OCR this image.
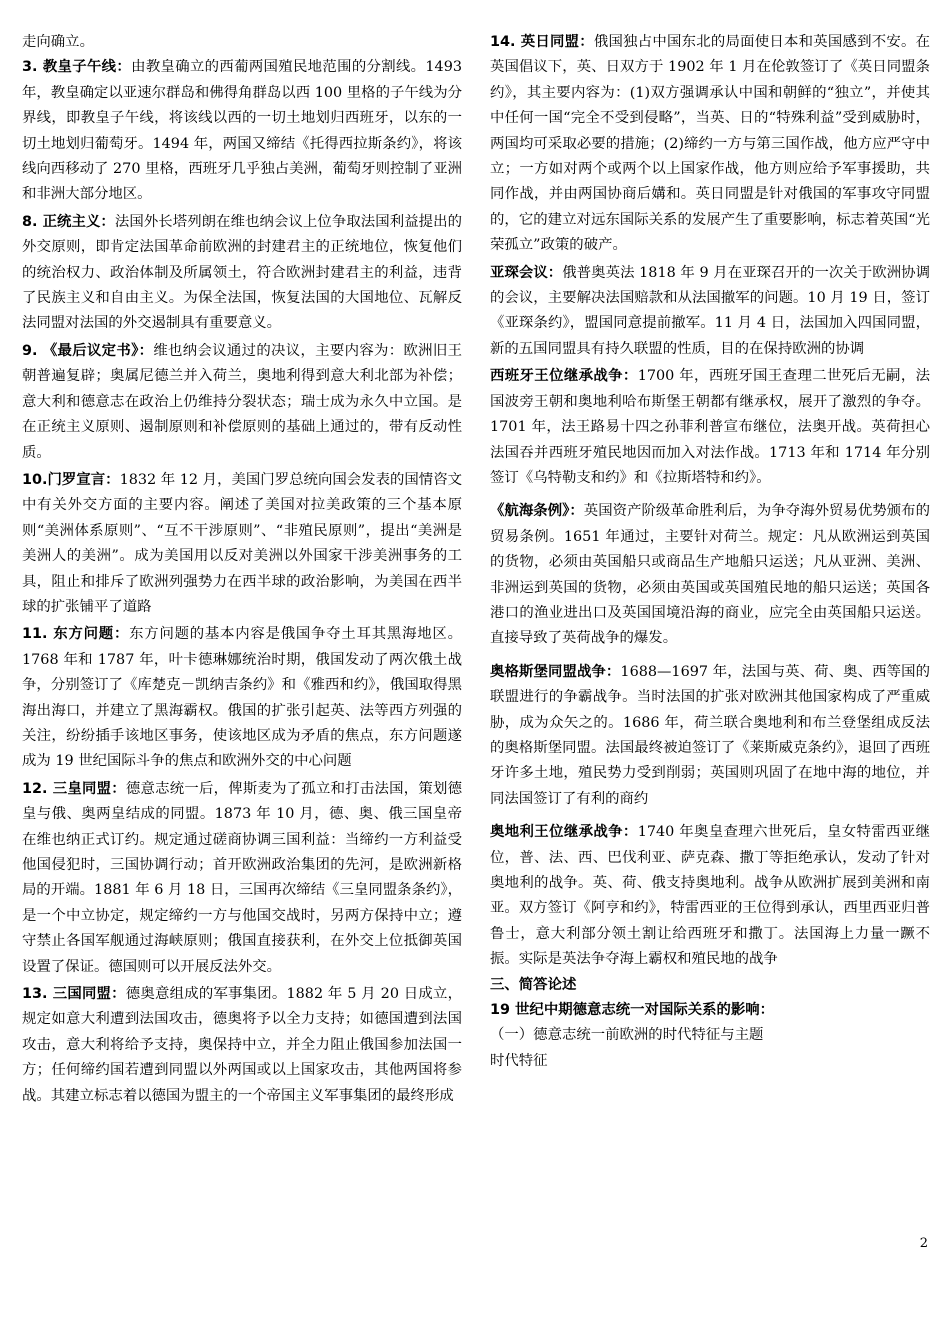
走向确立。

3. 教皇子午线：由教皇确立的西葡两国殖民地范围的分割线。1493 年，教皇确定以亚速尔群岛和佛得角群岛以西 100 里格的子午线为分界线，即教皇子午线，将该线以西的一切土地划归西班牙，以东的一切土地划归葡萄牙。1494 年，两国又缔结《托得西拉斯条约》，将该线向西移动了 270 里格，西班牙几乎独占美洲，葡萄牙则控制了亚洲和非洲大部分地区。

8. 正统主义：法国外长塔列朗在维也纳会议上位争取法国利益提出的外交原则，即肯定法国革命前欧洲的封建君主的正统地位，恢复他们的统治权力、政治体制及所属领土，符合欧洲封建君主的利益，违背了民族主义和自由主义。为保全法国，恢复法国的大国地位、瓦解反法同盟对法国的外交遏制具有重要意义。

9. 《最后议定书》：维也纳会议通过的决议，主要内容为：欧洲旧王朝普遍复辟；奥属尼德兰并入荷兰，奥地利得到意大利北部为补偿；意大利和德意志在政治上仍维持分裂状态；瑞士成为永久中立国。是在正统主义原则、遏制原则和补偿原则的基础上通过的，带有反动性质。

10.门罗宣言：1832 年 12 月，美国门罗总统向国会发表的国情咨文中有关外交方面的主要内容。阐述了美国对拉美政策的三个基本原则“美洲体系原则”、“互不干涉原则”、“非殖民原则”，提出“美洲是美洲人的美洲”。成为美国用以反对美洲以外国家干涉美洲事务的工具，阻止和排斥了欧洲列强势力在西半球的政治影响，为美国在西半球的扩张铺平了道路

11. 东方问题：东方问题的基本内容是俄国争夺土耳其黑海地区。1768 年和 1787 年，叶卡德琳娜统治时期，俄国发动了两次俄土战争，分别签订了《库楚克－凯纳吉条约》和《雅西和约》，俄国取得黑海出海口，并建立了黑海霸权。俄国的扩张引起英、法等西方列强的关注，纷纷插手该地区事务，使该地区成为矛盾的焦点，东方问题遂成为 19 世纪国际斗争的焦点和欧洲外交的中心问题

12. 三皇同盟：德意志统一后，俾斯麦为了孤立和打击法国，策划德皇与俄、奥两皇结成的同盟。1873 年 10 月，德、奥、俄三国皇帝在维也纳正式订约。规定通过磋商协调三国利益：当缔约一方利益受他国侵犯时，三国协调行动；首开欧洲政治集团的先河，是欧洲新格局的开端。1881 年 6 月 18 日，三国再次缔结《三皇同盟条条约》，是一个中立协定，规定缔约一方与他国交战时，另两方保持中立；遵守禁止各国军舰通过海峡原则；俄国直接获利，在外交上位抵御英国设置了保证。德国则可以开展反法外交。

13. 三国同盟：德奥意组成的军事集团。1882 年 5 月 20 日成立，规定如意大利遭到法国攻击，德奥将予以全力支持；如德国遭到法国攻击，意大利将给予支持，奥保持中立，并全力阻止俄国参加法国一方；任何缔约国若遭到同盟以外两国或以上国家攻击，其他两国将参战。其建立标志着以德国为盟主的一个帝国主义军事集团的最终形成

14. 英日同盟：俄国独占中国东北的局面使日本和英国感到不安。在英国倡议下，英、日双方于 1902 年 1 月在伦敦签订了《英日同盟条约》，其主要内容为：(1)双方强调承认中国和朝鲜的“独立”，并使其中任何一国“完全不受到侵略”，当英、日的“特殊利益”受到威胁时，两国均可采取必要的措施；(2)缔约一方与第三国作战，他方应严守中立；一方如对两个或两个以上国家作战，他方则应给予军事援助，共同作战，并由两国协商后媾和。英日同盟是针对俄国的军事攻守同盟的，它的建立对远东国际关系的发展产生了重要影响，标志着英国“光荣孤立”政策的破产。

亚琛会议：俄普奥英法 1818 年 9 月在亚琛召开的一次关于欧洲协调的会议，主要解决法国赔款和从法国撤军的问题。10 月 19 日，签订《亚琛条约》，盟国同意提前撤军。11 月 4 日，法国加入四国同盟，新的五国同盟具有持久联盟的性质，目的在保持欧洲的协调

西班牙王位继承战争：1700 年，西班牙国王查理二世死后无嗣，法国波旁王朝和奥地利哈布斯堡王朝都有继承权，展开了激烈的争夺。1701 年，法王路易十四之孙菲利普宣布继位，法奥开战。英荷担心法国吞并西班牙殖民地因而加入对法作战。1713 年和 1714 年分别签订《乌特勒支和约》和《拉斯塔特和约》。

《航海条例》：英国资产阶级革命胜利后，为争夺海外贸易优势颁布的贸易条例。1651 年通过，主要针对荷兰。规定：凡从欧洲运到英国的货物，必须由英国船只或商品生产地船只运送；凡从亚洲、美洲、非洲运到英国的货物，必须由英国或英国殖民地的船只运送；英国各港口的渔业进出口及英国国境沿海的商业，应完全由英国船只运送。直接导致了英荷战争的爆发。

奥格斯堡同盟战争：1688—1697 年，法国与英、荷、奥、西等国的联盟进行的争霸战争。当时法国的扩张对欧洲其他国家构成了严重威胁，成为众矢之的。1686 年，荷兰联合奥地利和布兰登堡组成反法的奥格斯堡同盟。法国最终被迫签订了《莱斯威克条约》，退回了西班牙许多土地，殖民势力受到削弱；英国则巩固了在地中海的地位，并同法国签订了有利的商约

奥地利王位继承战争：1740 年奥皇查理六世死后，皇女特雷西亚继位，普、法、西、巴伐利亚、萨克森、撒丁等拒绝承认，发动了针对奥地利的战争。英、荷、俄支持奥地利。战争从欧洲扩展到美洲和南亚。双方签订《阿亨和约》，特雷西亚的王位得到承认，西里西亚归普鲁士，意大利部分领土割让给西班牙和撒丁。法国海上力量一蹶不振。实际是英法争夺海上霸权和殖民地的战争

三、简答论述

19 世纪中期德意志统一对国际关系的影响：

（一）德意志统一前欧洲的时代特征与主题

时代特征

2
